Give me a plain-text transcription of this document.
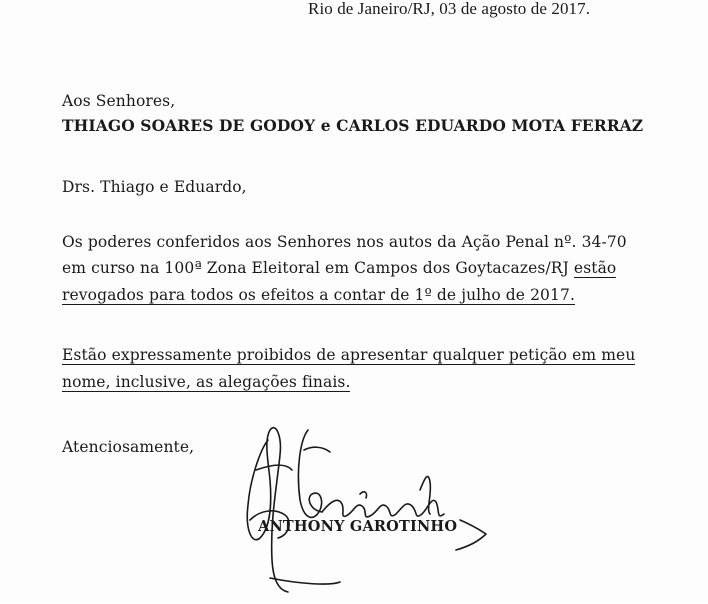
Rio de Janeiro/RJ, 03 de agosto de 2017.
Aos Senhores,
THIAGO SOARES DE GODOY e CARLOS EDUARDO MOTA FERRAZ
Drs. Thiago e Eduardo,
Os poderes conferidos aos Senhores nos autos da Ação Penal nº. 34-70
em curso na 100ª Zona Eleitoral em Campos dos Goytacazes/RJ estão
revogados para todos os efeitos a contar de 1º de julho de 2017.
Estão expressamente proibidos de apresentar qualquer petição em meu
nome, inclusive, as alegações finais.
Atenciosamente,
ANTHONY GAROTINHO
